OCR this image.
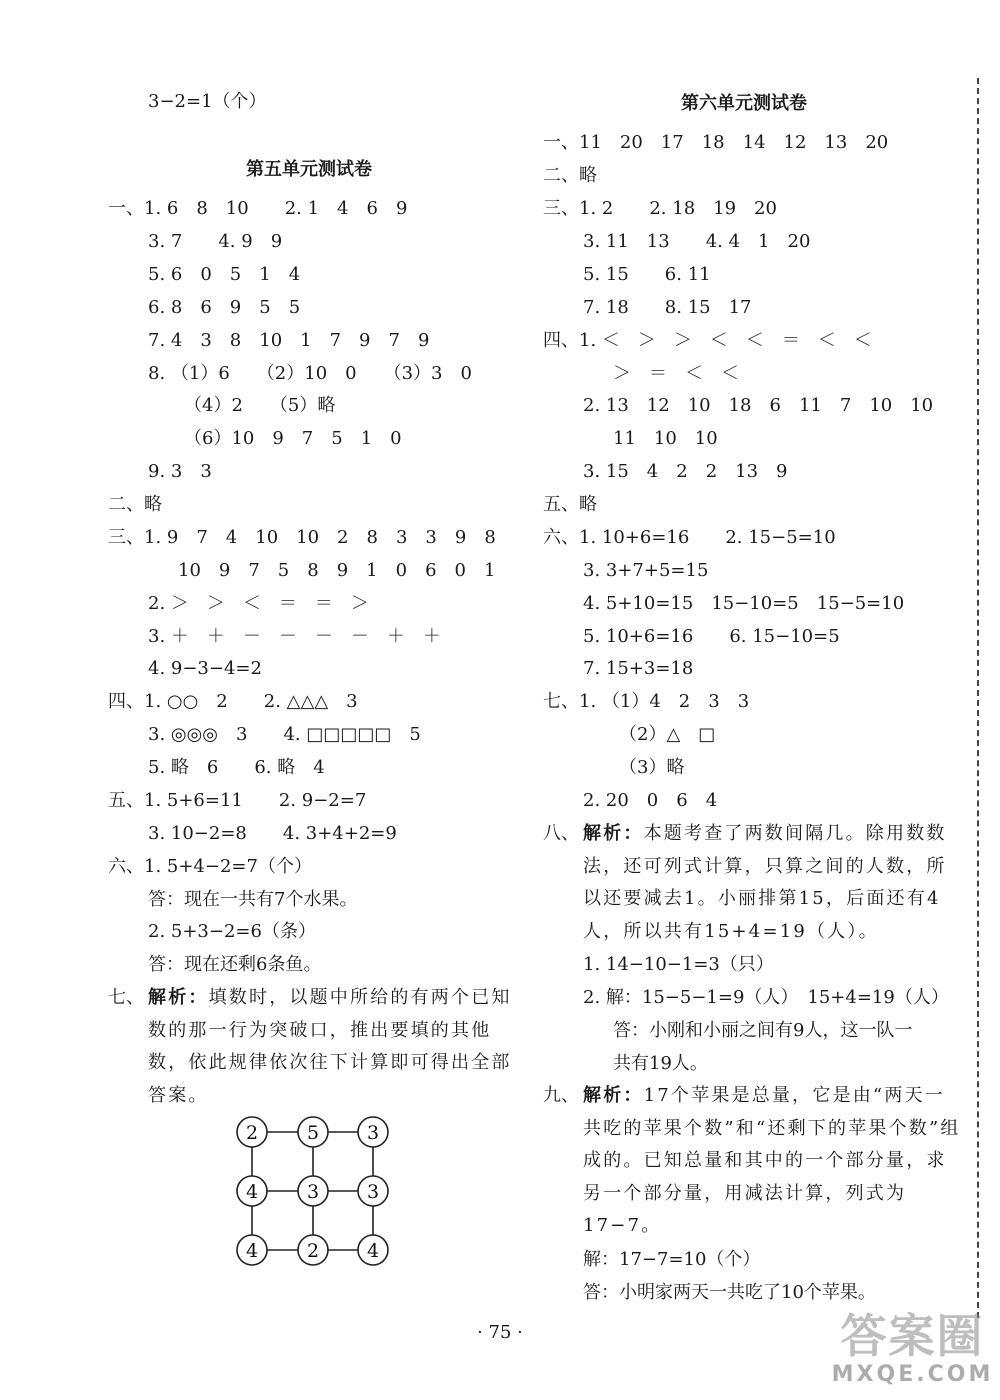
3−2=1（个）
第五单元测试卷
一、1. 6　8　10　　2. 1　4　6　9
3. 7　　4. 9　9
5. 6　0　5　1　4
6. 8　6　9　5　5
7. 4　3　8　10　1　7　9　7　9
8. （1）6　　（2）10　0　　（3）3　0
（4）2　　（5）略
（6）10　9　7　5　1　0
9. 3　3
二、略
三、1. 9　7　4　10　10　2　8　3　3　9　8
10　9　7　5　8　9　1　0　6　0　1
2. ＞　＞　＜　＝　＝　＞
3. ＋　＋　－　－　－　－　＋　＋
4. 9−3−4=2
四、1. ○○　2　　2. △△△　3
3. ◎◎◎　3　　4. □□□□□　5
5. 略　6　　6. 略　4
五、1. 5+6=11　　2. 9−2=7
3. 10−2=8　　4. 3+4+2=9
六、1. 5+4−2=7（个）
答：现在一共有7个水果。
2. 5+3−2=6（条）
答：现在还剩6条鱼。
七、 解析：填数时，以题中所给的有两个已知数的那一行为突破口，推出要填的其他数，依此规律依次往下计算即可得出全部答案。
2	5	3
4	3	3
4	2	4
第六单元测试卷
一、11　20　17　18　14　12　13　20
二、略
三、1. 2　　2. 18　19　20
3. 11　13　　4. 4　1　20
5. 15　　6. 11
7. 18　　8. 15　17
四、1. ＜　＞　＞　＜　＜　＝　＜　＜
＞　＝　＜　＜
2. 13　12　10　18　6　11　7　10　10
11　10　10
3. 15　4　2　2　13　9
五、略
六、1. 10+6=16　　2. 15−5=10
3. 3+7+5=15
4. 5+10=15　15−10=5　15−5=10
5. 10+6=16　　6. 15−10=5
7. 15+3=18
七、1. （1）4　2　3　3
（2）△　□
（3）略
2. 20　0　6　4
八、 解析：本题考查了两数间隔几。除用数数法，还可列式计算，只算之间的人数，所以还要减去1。小丽排第15，后面还有4人，所以共有15+4=19（人）。
1. 14−10−1=3（只）
2. 解：15−5−1=9（人）　15+4=19（人）
答：小刚和小丽之间有9人，这一队一
共有19人。
九、 解析：17个苹果是总量，它是由“两天一共吃的苹果个数”和“还剩下的苹果个数”组成的。已知总量和其中的一个部分量，求另一个部分量，用减法计算，列式为17−7。
解：17−7=10（个）
答：小明家两天一共吃了10个苹果。
· 75 ·	答案圈
MXQE.COM
